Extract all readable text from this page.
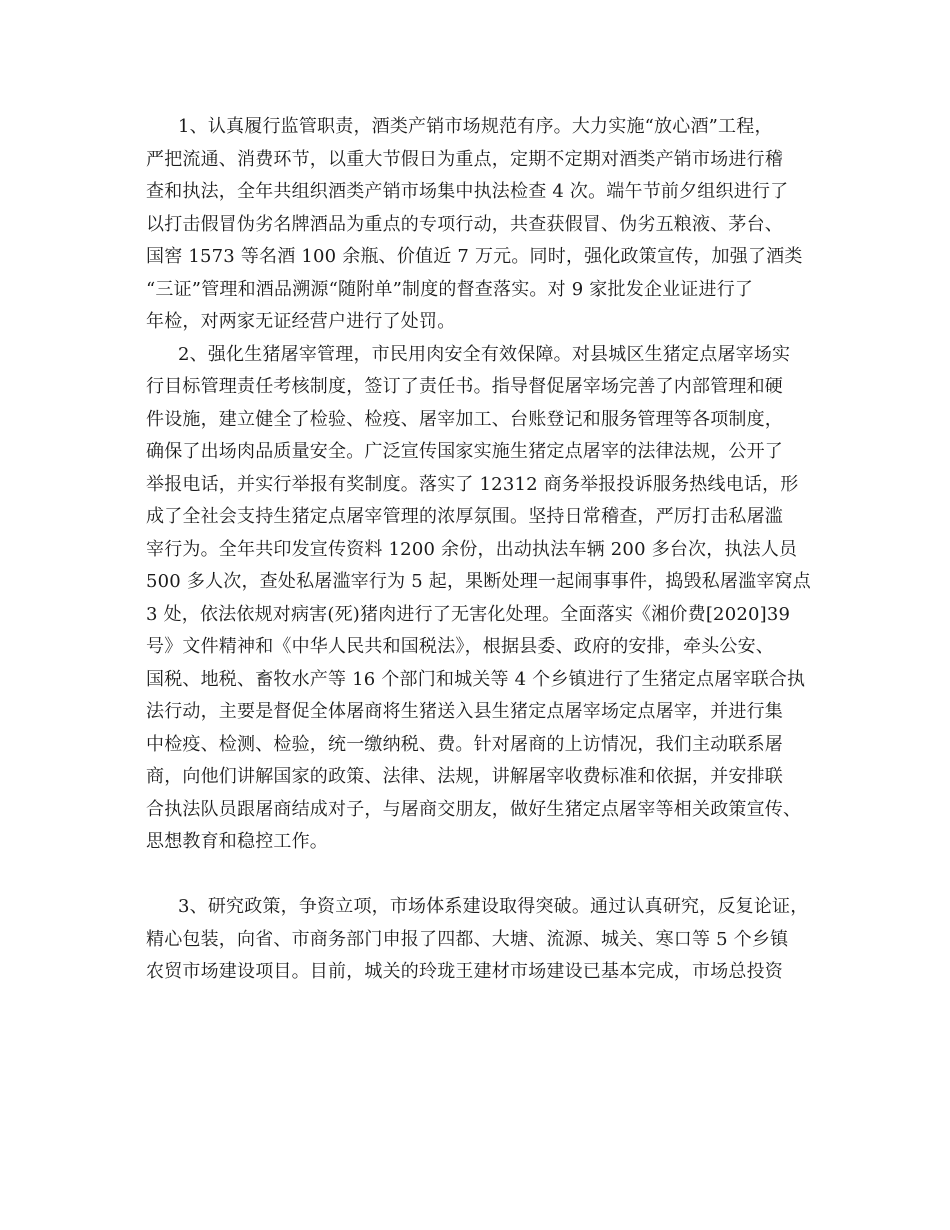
1、认真履行监管职责，酒类产销市场规范有序。大力实施“放心酒”工程，
严把流通、消费环节，以重大节假日为重点，定期不定期对酒类产销市场进行稽
查和执法，全年共组织酒类产销市场集中执法检查 4 次。端午节前夕组织进行了
以打击假冒伪劣名牌酒品为重点的专项行动，共查获假冒、伪劣五粮液、茅台、
国窖 1573 等名酒 100 余瓶、价值近 7 万元。同时，强化政策宣传，加强了酒类
“三证”管理和酒品溯源“随附单”制度的督查落实。对 9 家批发企业证进行了
年检，对两家无证经营户进行了处罚。
2、强化生猪屠宰管理，市民用肉安全有效保障。对县城区生猪定点屠宰场实
行目标管理责任考核制度，签订了责任书。指导督促屠宰场完善了内部管理和硬
件设施，建立健全了检验、检疫、屠宰加工、台账登记和服务管理等各项制度，
确保了出场肉品质量安全。广泛宣传国家实施生猪定点屠宰的法律法规，公开了
举报电话，并实行举报有奖制度。落实了 12312 商务举报投诉服务热线电话，形
成了全社会支持生猪定点屠宰管理的浓厚氛围。坚持日常稽查，严厉打击私屠滥
宰行为。全年共印发宣传资料 1200 余份，出动执法车辆 200 多台次，执法人员
500 多人次，查处私屠滥宰行为 5 起，果断处理一起闹事事件，捣毁私屠滥宰窝点
3 处，依法依规对病害(死)猪肉进行了无害化处理。全面落实《湘价费[2020]39
号》文件精神和《中华人民共和国税法》，根据县委、政府的安排，牵头公安、
国税、地税、畜牧水产等 16 个部门和城关等 4 个乡镇进行了生猪定点屠宰联合执
法行动，主要是督促全体屠商将生猪送入县生猪定点屠宰场定点屠宰，并进行集
中检疫、检测、检验，统一缴纳税、费。针对屠商的上访情况，我们主动联系屠
商，向他们讲解国家的政策、法律、法规，讲解屠宰收费标准和依据，并安排联
合执法队员跟屠商结成对子，与屠商交朋友，做好生猪定点屠宰等相关政策宣传、
思想教育和稳控工作。
3、研究政策，争资立项，市场体系建设取得突破。通过认真研究，反复论证，
精心包装，向省、市商务部门申报了四都、大塘、流源、城关、寒口等 5 个乡镇
农贸市场建设项目。目前，城关的玲珑王建材市场建设已基本完成，市场总投资
